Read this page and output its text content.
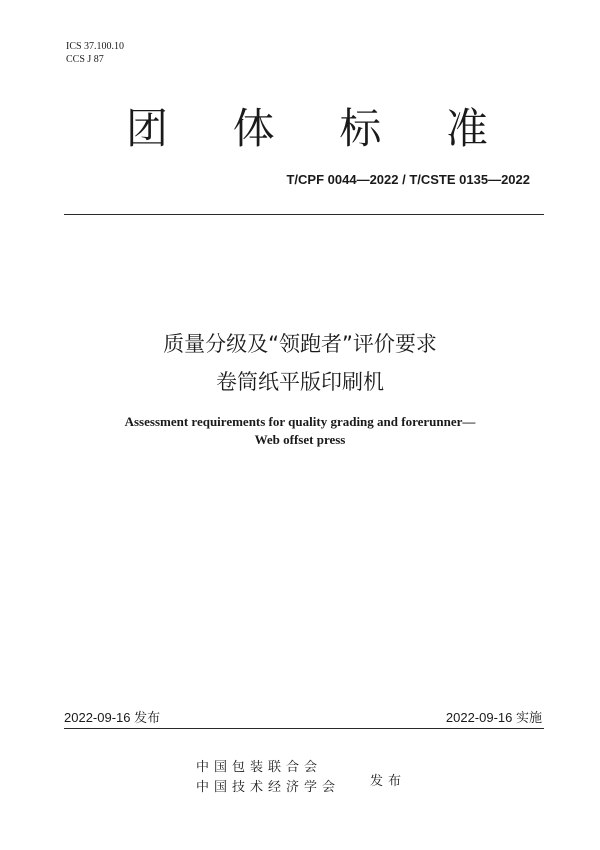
ICS 37.100.10
CCS J 87
团 体 标 准
T/CPF 0044—2022 / T/CSTE 0135—2022
质量分级及“领跑者”评价要求
卷筒纸平版印刷机
Assessment requirements for quality grading and forerunner—
Web offset press
2022-09-16 发布	2022-09-16 实施
中国包装联合会
中国技术经济学会 发布
